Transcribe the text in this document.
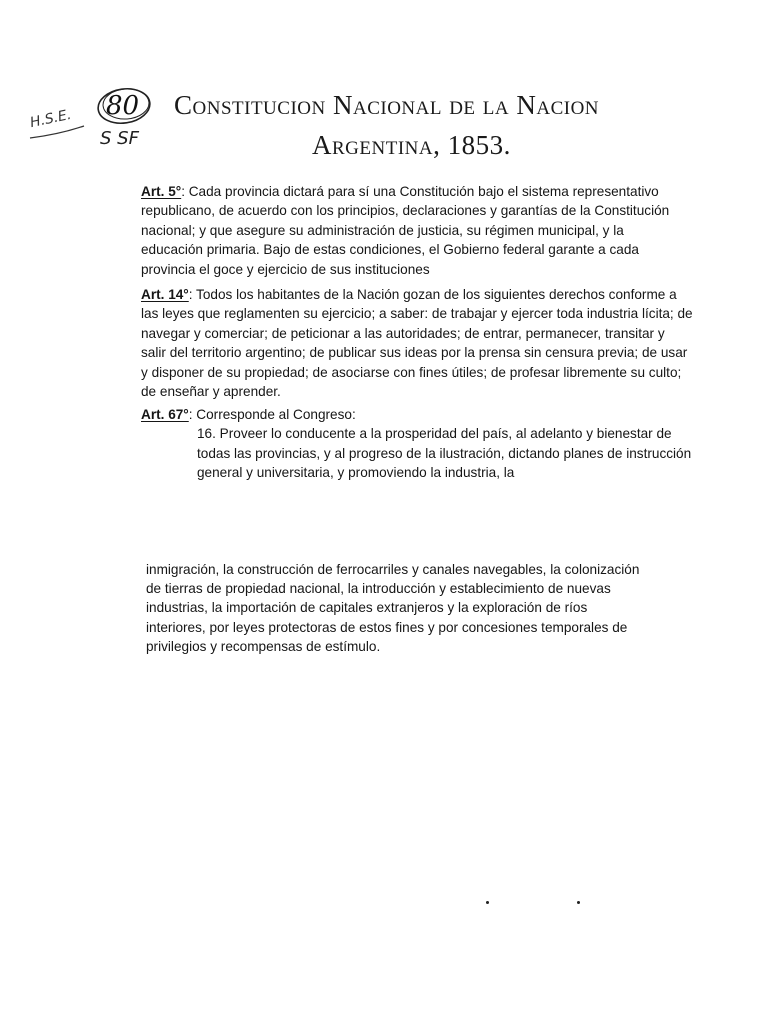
H.S.E. 80
S SF
Constitucion Nacional de la Nacion
Argentina, 1853.
Art. 5°: Cada provincia dictará para sí una Constitución bajo el sistema representativo republicano, de acuerdo con los principios, declaraciones y garantías de la Constitución nacional; y que asegure su administración de justicia, su régimen municipal, y la educación primaria. Bajo de estas condiciones, el Gobierno federal garante a cada provincia el goce y ejercicio de sus instituciones
Art. 14°: Todos los habitantes de la Nación gozan de los siguientes derechos conforme a las leyes que reglamenten su ejercicio; a saber: de trabajar y ejercer toda industria lícita; de navegar y comerciar; de peticionar a las autoridades; de entrar, permanecer, transitar y salir del territorio argentino; de publicar sus ideas por la prensa sin censura previa; de usar y disponer de su propiedad; de asociarse con fines útiles; de profesar libremente su culto; de enseñar y aprender.
Art. 67°: Corresponde al Congreso:
16. Proveer lo conducente a la prosperidad del país, al adelanto y bienestar de todas las provincias, y al progreso de la ilustración, dictando planes de instrucción general y universitaria, y promoviendo la industria, la
inmigración, la construcción de ferrocarriles y canales navegables, la colonización de tierras de propiedad nacional, la introducción y establecimiento de nuevas industrias, la importación de capitales extranjeros y la exploración de ríos interiores, por leyes protectoras de estos fines y por concesiones temporales de privilegios y recompensas de estímulo.
